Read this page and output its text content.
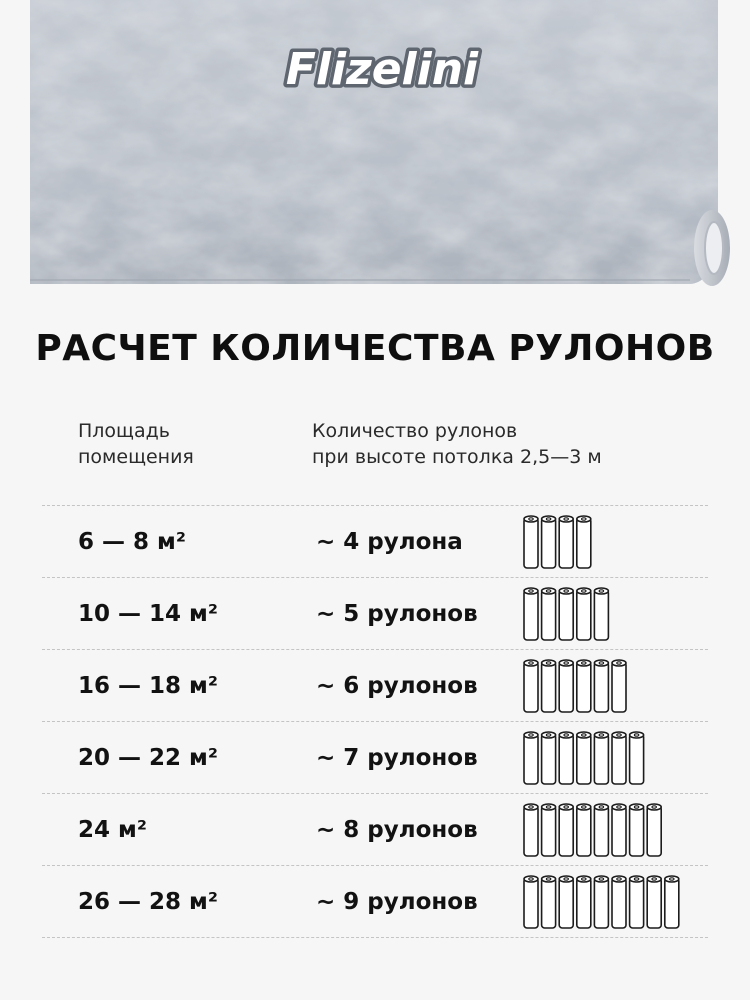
Flizelini
РАСЧЕТ КОЛИЧЕСТВА РУЛОНОВ
Площадь
помещения
Количество рулонов
при высоте потолка 2,5—3 м
6 — 8 м²	~ 4 рулона
10 — 14 м²	~ 5 рулонов
16 — 18 м²	~ 6 рулонов
20 — 22 м²	~ 7 рулонов
24 м²	~ 8 рулонов
26 — 28 м²	~ 9 рулонов
